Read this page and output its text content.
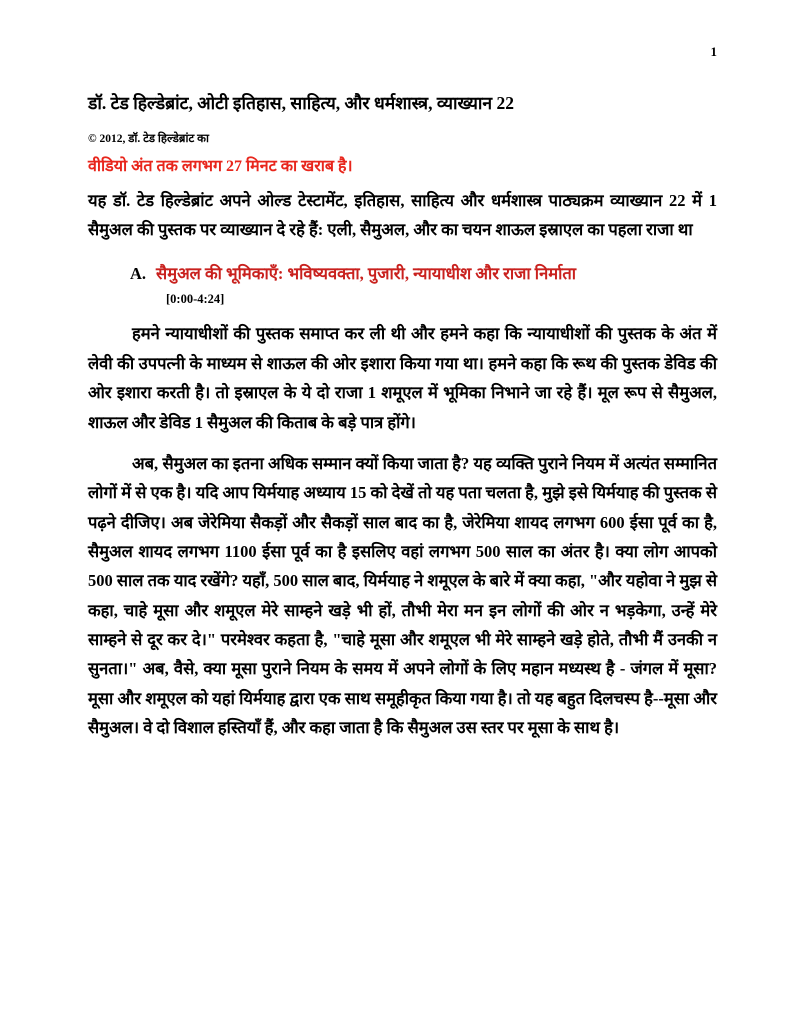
1
डॉ. टेड हिल्डेब्रांट, ओटी इतिहास, साहित्य, और धर्मशास्त्र, व्याख्यान 22

© 2012, डॉ. टेड हिल्डेब्रांट का

वीडियो अंत तक लगभग 27 मिनट का खराब है।

यह डॉ. टेड हिल्डेब्रांट अपने ओल्ड टेस्टामेंट, इतिहास, साहित्य और धर्मशास्त्र पाठ्यक्रम व्याख्यान 22 में 1 सैमुअल की पुस्तक पर व्याख्यान दे रहे हैं: एली, सैमुअल, और का चयन शाऊल इस्राएल का पहला राजा था

A. सैमुअल की भूमिकाएँ: भविष्यवक्ता, पुजारी, न्यायाधीश और राजा निर्माता

[0:00-4:24]

हमने न्यायाधीशों की पुस्तक समाप्त कर ली थी और हमने कहा कि न्यायाधीशों की पुस्तक के अंत में लेवी की उपपत्नी के माध्यम से शाऊल की ओर इशारा किया गया था। हमने कहा कि रूथ की पुस्तक डेविड की ओर इशारा करती है। तो इस्राएल के ये दो राजा 1 शमूएल में भूमिका निभाने जा रहे हैं। मूल रूप से सैमुअल, शाऊल और डेविड 1 सैमुअल की किताब के बड़े पात्र होंगे।

अब, सैमुअल का इतना अधिक सम्मान क्यों किया जाता है? यह व्यक्ति पुराने नियम में अत्यंत सम्मानित लोगों में से एक है। यदि आप यिर्मयाह अध्याय 15 को देखें तो यह पता चलता है, मुझे इसे यिर्मयाह की पुस्तक से पढ़ने दीजिए। अब जेरेमिया सैकड़ों और सैकड़ों साल बाद का है, जेरेमिया शायद लगभग 600 ईसा पूर्व का है, सैमुअल शायद लगभग 1100 ईसा पूर्व का है इसलिए वहां लगभग 500 साल का अंतर है। क्या लोग आपको 500 साल तक याद रखेंगे? यहाँ, 500 साल बाद, यिर्मयाह ने शमूएल के बारे में क्या कहा, "और यहोवा ने मुझ से कहा, चाहे मूसा और शमूएल मेरे साम्हने खड़े भी हों, तौभी मेरा मन इन लोगों की ओर न भड़केगा, उन्हें मेरे साम्हने से दूर कर दे।" परमेश्वर कहता है, "चाहे मूसा और शमूएल भी मेरे साम्हने खड़े होते, तौभी मैं उनकी न सुनता।" अब, वैसे, क्या मूसा पुराने नियम के समय में अपने लोगों के लिए महान मध्यस्थ है - जंगल में मूसा? मूसा और शमूएल को यहां यिर्मयाह द्वारा एक साथ समूहीकृत किया गया है। तो यह बहुत दिलचस्प है--मूसा और सैमुअल। वे दो विशाल हस्तियाँ हैं, और कहा जाता है कि सैमुअल उस स्तर पर मूसा के साथ है।
